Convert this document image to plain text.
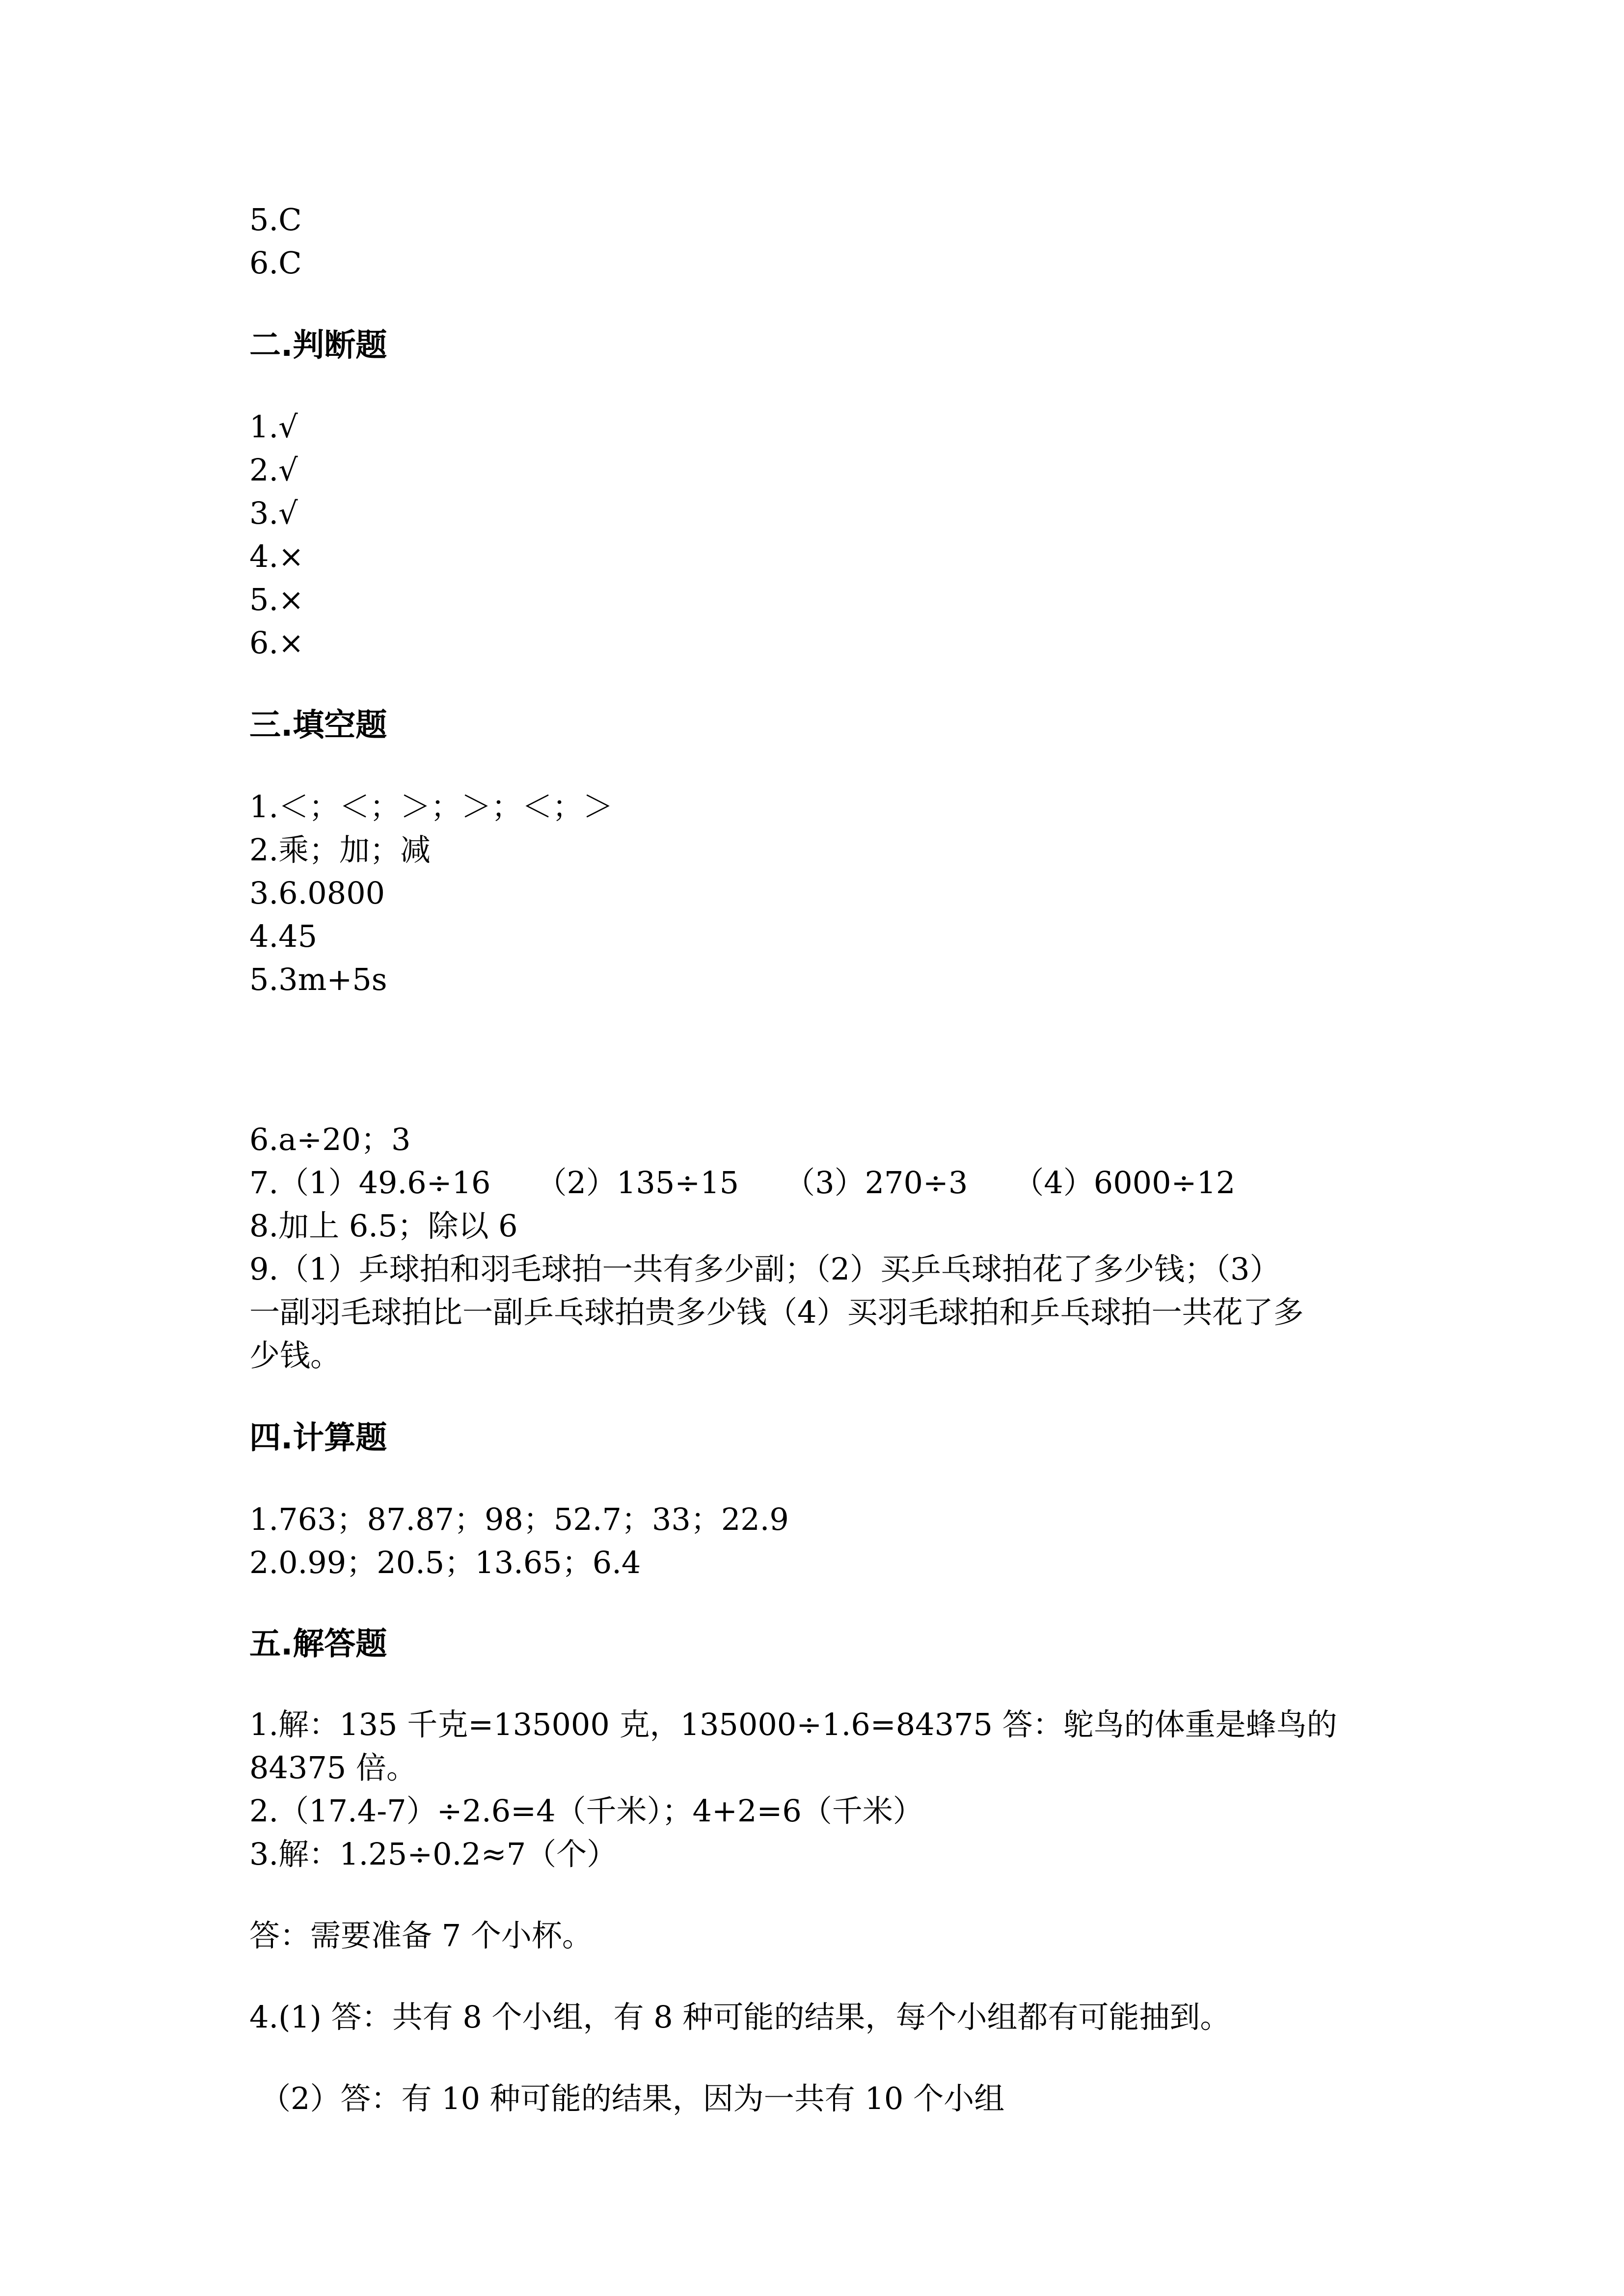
5.C
6.C
二.判断题
1.√
2.√
3.√
4.×
5.×
6.×
三.填空题
1.＜；＜；＞；＞；＜；＞
2.乘；加；减
3.6.0800
4.45
5.3m+5s
6.a÷20；3
7.（1）49.6÷16　　（2）135÷15　　（3）270÷3　　（4）6000÷12
8.加上 6.5；除以 6
9.（1）乒球拍和羽毛球拍一共有多少副；（2）买乒乓球拍花了多少钱；（3）
一副羽毛球拍比一副乒乓球拍贵多少钱（4）买羽毛球拍和乒乓球拍一共花了多
少钱。
四.计算题
1.763；87.87；98；52.7；33；22.9
2.0.99；20.5；13.65；6.4
五.解答题
1.解：135 千克=135000 克，135000÷1.6=84375 答：鸵鸟的体重是蜂鸟的
84375 倍。
2.（17.4-7）÷2.6=4（千米）；4+2=6（千米）
3.解：1.25÷0.2≈7（个）
答：需要准备 7 个小杯。
4.(1) 答：共有 8 个小组，有 8 种可能的结果，每个小组都有可能抽到。
（2）答：有 10 种可能的结果，因为一共有 10 个小组
